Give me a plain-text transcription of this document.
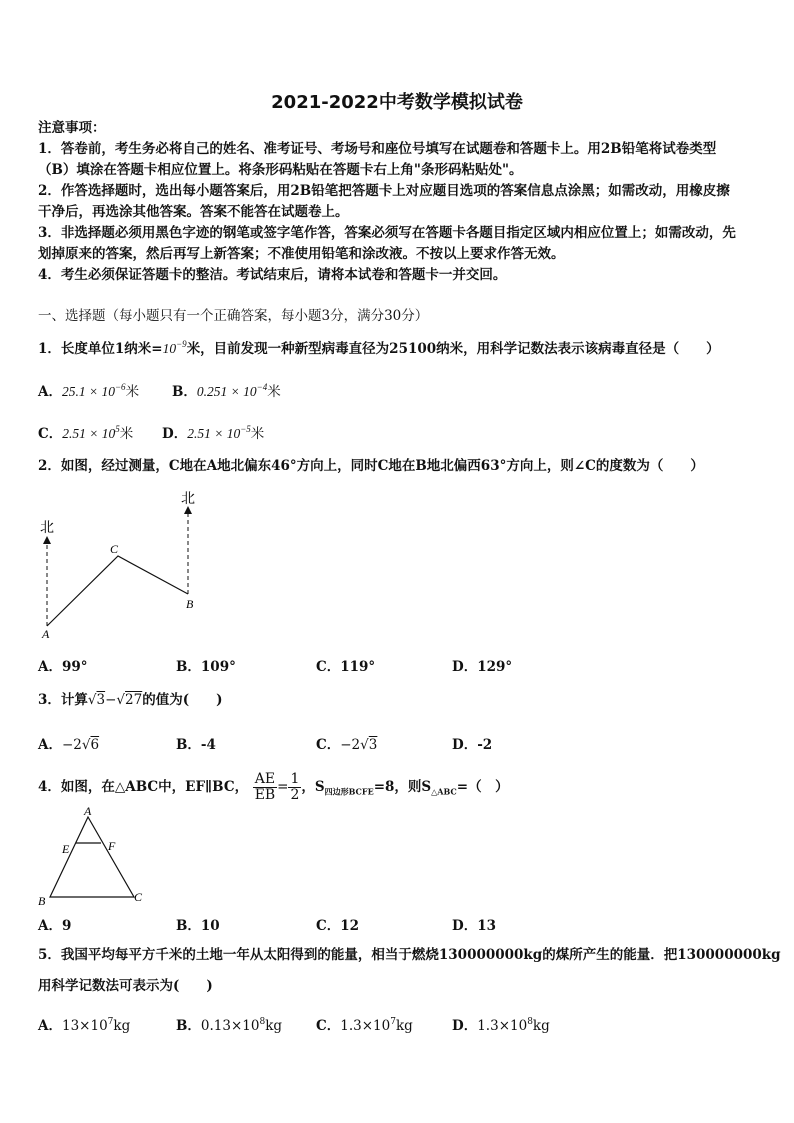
2021-2022中考数学模拟试卷
注意事项：
1．答卷前，考生务必将自己的姓名、准考证号、考场号和座位号填写在试题卷和答题卡上。用2B铅笔将试卷类型
（B）填涂在答题卡相应位置上。将条形码粘贴在答题卡右上角"条形码粘贴处"。
2．作答选择题时，选出每小题答案后，用2B铅笔把答题卡上对应题目选项的答案信息点涂黑；如需改动，用橡皮擦
干净后，再选涂其他答案。答案不能答在试题卷上。
3．非选择题必须用黑色字迹的钢笔或签字笔作答，答案必须写在答题卡各题目指定区域内相应位置上；如需改动，先
划掉原来的答案，然后再写上新答案；不准使用铅笔和涂改液。不按以上要求作答无效。
4．考生必须保证答题卡的整洁。考试结束后，请将本试卷和答题卡一并交回。
一、选择题（每小题只有一个正确答案，每小题3分，满分30分）
1．长度单位1纳米$=10^{-9}$米，目前发现一种新型病毒直径为25100纳米，用科学记数法表示该病毒直径是（　　）
A．$25.1 \times 10^{-6}$米 B．$0.251 \times 10^{-4}$米
C．$2.51 \times 10^5$米 D．$2.51 \times 10^{-5}$米
2．如图，经过测量，C地在A地北偏东46°方向上，同时C地在B地北偏西63°方向上，则∠C的度数为（　　）
北
北
A
C
B
A．99°	B．109°	C．119°	D．129°
3．计算√3−√27的值为(　　)
A．−2√6	B．-4	C．−2√3	D．-2
4．如图，在△ABC中，EF∥BC， $\frac{AE}{EB} = \frac{1}{2}$ ，$S_{四边形BCFE}=8$，则$S_{\triangle ABC}=$（　）
A
E	F
B	C
A．9	B．10	C．12	D．13
5．我国平均每平方千米的土地一年从太阳得到的能量，相当于燃烧130000000kg的煤所产生的能量．把130000000kg
用科学记数法可表示为(　　)
A．$13\times 10^7kg$	B．$0.13\times 10^8kg$	C．$1.3\times 10^7kg$	D．$1.3\times 10^8kg$
